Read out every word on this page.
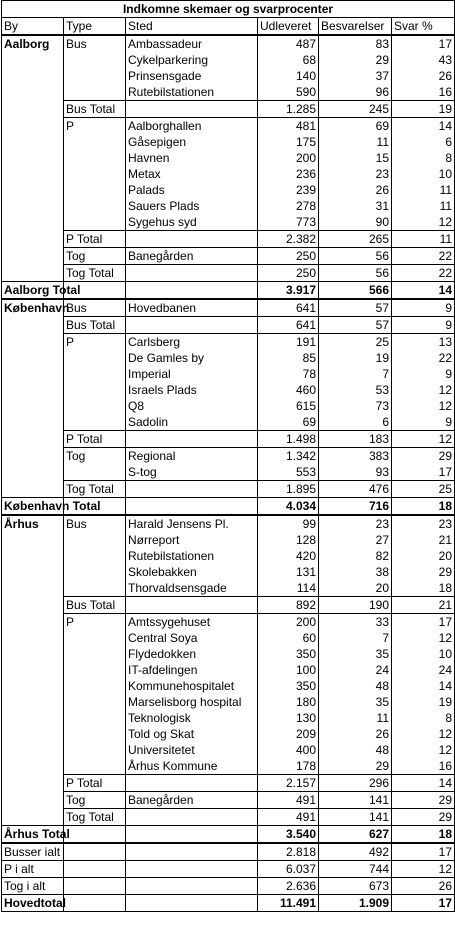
Indkomne skemaer og svarprocenter					
By	Type	Sted	Udleveret	Besvarelser	Svar %
Aalborg	Bus	Ambassadeur	487	83	17
		Cykelparkering	68	29	43
		Prinsensgade	140	37	26
		Rutebilstationen	590	96	16
	Bus Total		1.285	245	19
	P	Aalborghallen	481	69	14
		Gåsepigen	175	11	6
		Havnen	200	15	8
		Metax	236	23	10
		Palads	239	26	11
		Sauers Plads	278	31	11
		Sygehus syd	773	90	12
	P Total		2.382	265	11
	Tog	Banegården	250	56	22
	Tog Total		250	56	22
Aalborg Total			3.917	566	14
København	Bus	Hovedbanen	641	57	9
	Bus Total		641	57	9
	P	Carlsberg	191	25	13
		De Gamles by	85	19	22
		Imperial	78	7	9
		Israels Plads	460	53	12
		Q8	615	73	12
		Sadolin	69	6	9
	P Total		1.498	183	12
	Tog	Regional	1.342	383	29
		S-tog	553	93	17
	Tog Total		1.895	476	25
København Total			4.034	716	18
Århus	Bus	Harald Jensens Pl.	99	23	23
		Nørreport	128	27	21
		Rutebilstationen	420	82	20
		Skolebakken	131	38	29
		Thorvaldsensgade	114	20	18
	Bus Total		892	190	21
	P	Amtssygehuset	200	33	17
		Central Soya	60	7	12
		Flydedokken	350	35	10
		IT-afdelingen	100	24	24
		Kommunehospitalet	350	48	14
		Marselisborg hospital	180	35	19
		Teknologisk	130	11	8
		Told og Skat	209	26	12
		Universitetet	400	48	12
		Århus Kommune	178	29	16
	P Total		2.157	296	14
	Tog	Banegården	491	141	29
	Tog Total		491	141	29
Århus Total			3.540	627	18
Busser ialt			2.818	492	17
P i alt			6.037	744	12
Tog i alt			2.636	673	26
Hovedtotal			11.491	1.909	17
